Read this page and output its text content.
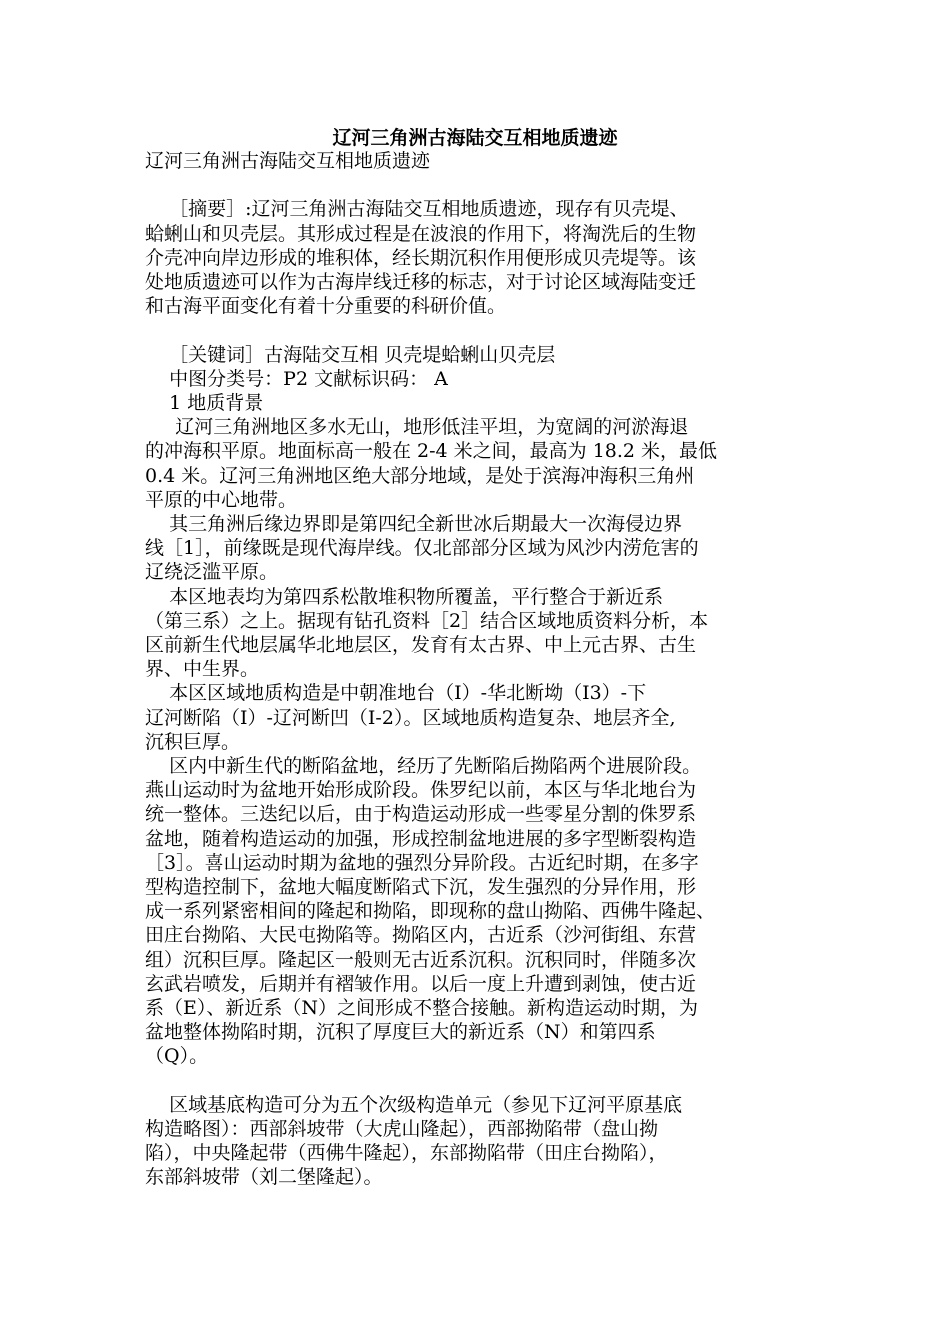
辽河三角洲古海陆交互相地质遗迹
辽河三角洲古海陆交互相地质遗迹
［摘要］:辽河三角洲古海陆交互相地质遗迹，现存有贝壳堤、
蛤蜊山和贝壳层。其形成过程是在波浪的作用下，将淘洗后的生物
介壳冲向岸边形成的堆积体，经长期沉积作用便形成贝壳堤等。该
处地质遗迹可以作为古海岸线迁移的标志，对于讨论区域海陆变迁
和古海平面变化有着十分重要的科研价值。
［关键词］古海陆交互相 贝壳堤蛤蜊山贝壳层
中图分类号：P2 文献标识码： A
1 地质背景
辽河三角洲地区多水无山，地形低洼平坦，为宽阔的河淤海退
的冲海积平原。地面标高一般在 2-4 米之间，最高为 18.2 米，最低
0.4 米。辽河三角洲地区绝大部分地域，是处于滨海冲海积三角州
平原的中心地带。
其三角洲后缘边界即是第四纪全新世冰后期最大一次海侵边界
线［1］，前缘既是现代海岸线。仅北部部分区域为风沙内涝危害的
辽绕泛滥平原。
本区地表均为第四系松散堆积物所覆盖，平行整合于新近系
（第三系）之上。据现有钻孔资料［2］结合区域地质资料分析，本
区前新生代地层属华北地层区，发育有太古界、中上元古界、古生
界、中生界。
本区区域地质构造是中朝准地台（Ⅰ）-华北断坳（Ⅰ3）-下
辽河断陷（Ⅰ）-辽河断凹（Ⅰ-2）。区域地质构造复杂、地层齐全,
沉积巨厚。
区内中新生代的断陷盆地，经历了先断陷后拗陷两个进展阶段。
燕山运动时为盆地开始形成阶段。侏罗纪以前，本区与华北地台为
统一整体。三迭纪以后，由于构造运动形成一些零星分割的侏罗系
盆地，随着构造运动的加强，形成控制盆地进展的多字型断裂构造
［3］。喜山运动时期为盆地的强烈分异阶段。古近纪时期，在多字
型构造控制下，盆地大幅度断陷式下沉，发生强烈的分异作用，形
成一系列紧密相间的隆起和拗陷，即现称的盘山拗陷、西佛牛隆起、
田庄台拗陷、大民屯拗陷等。拗陷区内，古近系（沙河街组、东营
组）沉积巨厚。隆起区一般则无古近系沉积。沉积同时，伴随多次
玄武岩喷发，后期并有褶皱作用。以后一度上升遭到剥蚀，使古近
系（E）、新近系（N）之间形成不整合接触。新构造运动时期，为
盆地整体拗陷时期，沉积了厚度巨大的新近系（N）和第四系
（Q）。
区域基底构造可分为五个次级构造单元（参见下辽河平原基底
构造略图）：西部斜坡带（大虎山隆起），西部拗陷带（盘山拗
陷），中央隆起带（西佛牛隆起），东部拗陷带（田庄台拗陷），
东部斜坡带（刘二堡隆起）。
